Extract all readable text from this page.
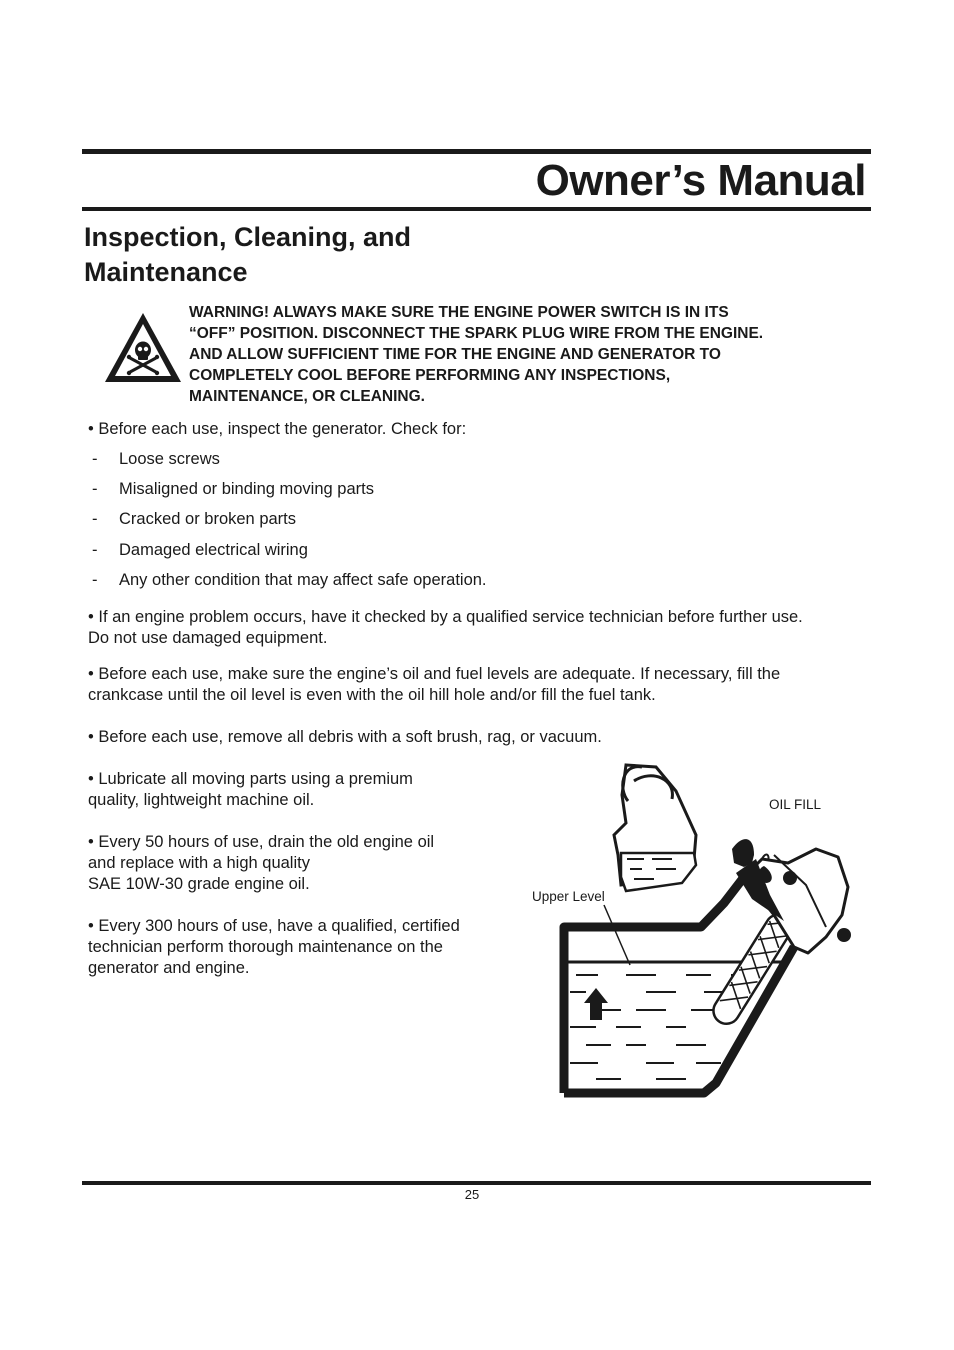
Owner’s Manual
Inspection, Cleaning, and
Maintenance

WARNING! ALWAYS MAKE SURE THE ENGINE POWER SWITCH IS IN ITS
“OFF” POSITION. DISCONNECT THE SPARK PLUG WIRE FROM THE ENGINE.
AND ALLOW SUFFICIENT TIME FOR THE ENGINE AND GENERATOR TO
COMPLETELY COOL BEFORE PERFORMING ANY INSPECTIONS,
MAINTENANCE, OR CLEANING.

• Before each use, inspect the generator. Check for:

-	Loose screws
-	Misaligned or binding moving parts
-	Cracked or broken parts
-	Damaged electrical wiring
-	Any other condition that may affect safe operation.

• If an engine problem occurs, have it checked by a qualified service technician before further use.
Do not use damaged equipment.

• Before each use, make sure the engine’s oil and fuel levels are adequate. If necessary, fill the
crankcase until the oil level is even with the oil hill hole and/or fill the fuel tank.

• Before each use, remove all debris with a soft brush, rag, or vacuum.

• Lubricate all moving parts using a premium
quality, lightweight machine oil.

• Every 50 hours of use, drain the old engine oil
and replace with a high quality
SAE 10W-30 grade engine oil.

• Every 300 hours of use, have a qualified, certified
technician perform thorough maintenance on the
generator and engine.

OIL FILL
Upper Level
25
